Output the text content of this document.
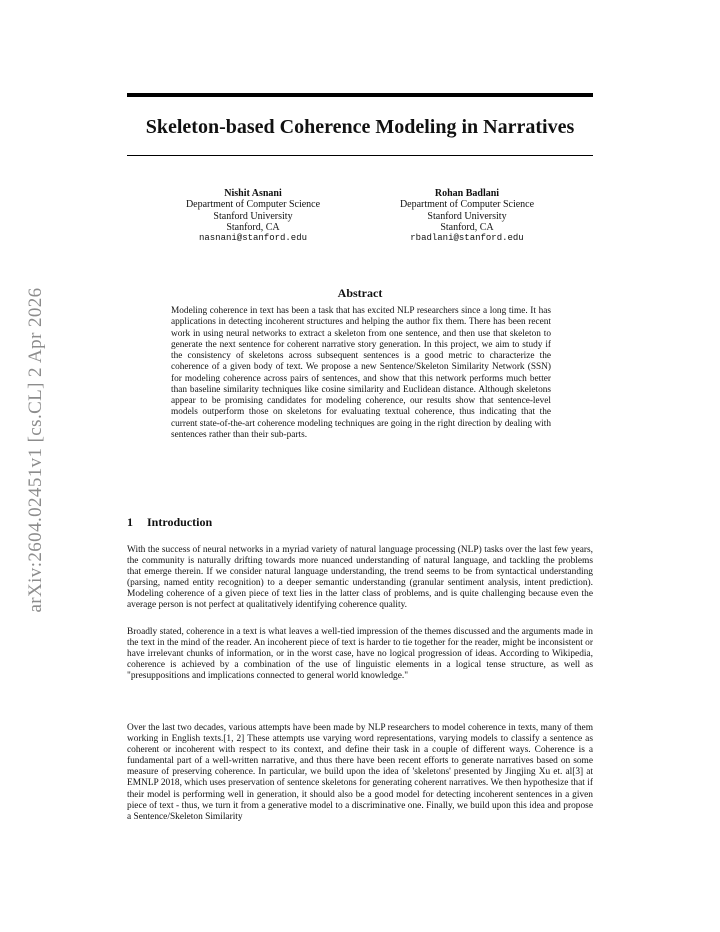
arXiv:2604.02451v1 [cs.CL] 2 Apr 2026
Skeleton-based Coherence Modeling in Narratives
Nishit Asnani
Department of Computer Science
Stanford University
Stanford, CA
nasnani@stanford.edu
Rohan Badlani
Department of Computer Science
Stanford University
Stanford, CA
rbadlani@stanford.edu
Abstract
Modeling coherence in text has been a task that has excited NLP researchers since a long time. It has applications in detecting incoherent structures and helping the author fix them. There has been recent work in using neural networks to extract a skeleton from one sentence, and then use that skeleton to generate the next sentence for coherent narrative story generation. In this project, we aim to study if the consistency of skeletons across subsequent sentences is a good metric to characterize the coherence of a given body of text. We propose a new Sentence/Skeleton Similarity Network (SSN) for modeling coherence across pairs of sentences, and show that this network performs much better than baseline similarity techniques like cosine similarity and Euclidean distance. Although skeletons appear to be promising candidates for modeling coherence, our results show that sentence-level models outperform those on skeletons for evaluating textual coherence, thus indicating that the current state-of-the-art coherence modeling techniques are going in the right direction by dealing with sentences rather than their sub-parts.
1 Introduction
With the success of neural networks in a myriad variety of natural language processing (NLP) tasks over the last few years, the community is naturally drifting towards more nuanced understanding of natural language, and tackling the problems that emerge therein. If we consider natural language understanding, the trend seems to be from syntactical understanding (parsing, named entity recognition) to a deeper semantic understanding (granular sentiment analysis, intent prediction). Modeling coherence of a given piece of text lies in the latter class of problems, and is quite challenging because even the average person is not perfect at qualitatively identifying coherence quality.
Broadly stated, coherence in a text is what leaves a well-tied impression of the themes discussed and the arguments made in the text in the mind of the reader. An incoherent piece of text is harder to tie together for the reader, might be inconsistent or have irrelevant chunks of information, or in the worst case, have no logical progression of ideas. According to Wikipedia, coherence is achieved by a combination of the use of linguistic elements in a logical tense structure, as well as "presuppositions and implications connected to general world knowledge."
Over the last two decades, various attempts have been made by NLP researchers to model coherence in texts, many of them working in English texts.[1, 2] These attempts use varying word representations, varying models to classify a sentence as coherent or incoherent with respect to its context, and define their task in a couple of different ways. Coherence is a fundamental part of a well-written narrative, and thus there have been recent efforts to generate narratives based on some measure of preserving coherence. In particular, we build upon the idea of 'skeletons' presented by Jingjing Xu et. al[3] at EMNLP 2018, which uses preservation of sentence skeletons for generating coherent narratives. We then hypothesize that if their model is performing well in generation, it should also be a good model for detecting incoherent sentences in a given piece of text - thus, we turn it from a generative model to a discriminative one. Finally, we build upon this idea and propose a Sentence/Skeleton Similarity
